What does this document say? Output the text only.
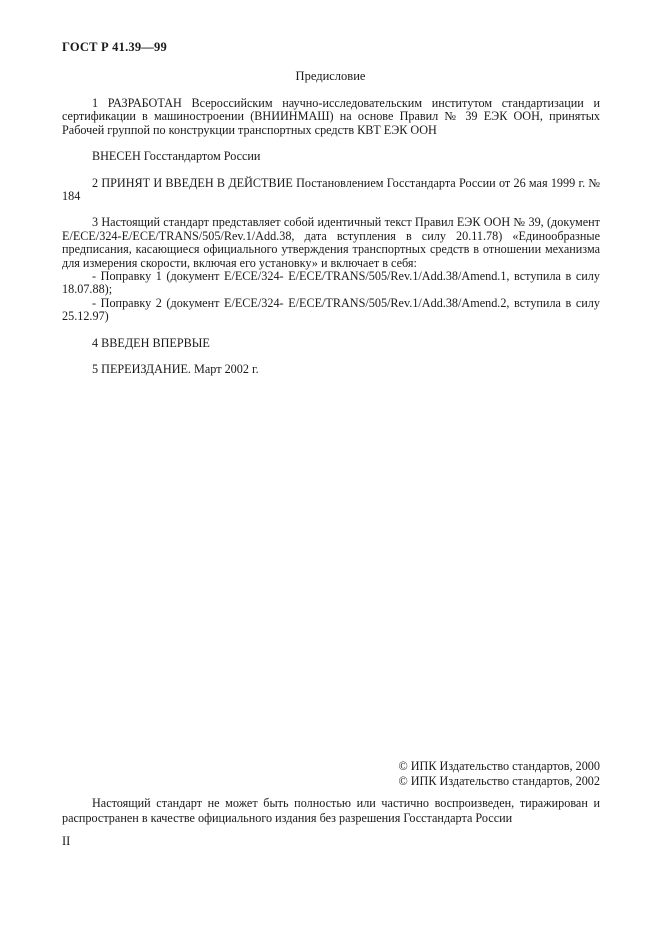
ГОСТ Р 41.39—99
Предисловие

1 РАЗРАБОТАН Всероссийским научно-исследовательским институтом стандартизации и сертификации в машиностроении (ВНИИНМАШ) на основе Правил № 39 ЕЭК ООН, принятых Рабочей группой по конструкции транспортных средств КВТ ЕЭК ООН

ВНЕСЕН Госстандартом России

2 ПРИНЯТ И ВВЕДЕН В ДЕЙСТВИЕ Постановлением Госстандарта России от 26 мая 1999 г. № 184

3 Настоящий стандарт представляет собой идентичный текст Правил ЕЭК ООН № 39, (документ E/ECE/324-E/ECE/TRANS/505/Rev.1/Add.38, дата вступления в силу 20.11.78) «Единообразные предписания, касающиеся официального утверждения транспортных средств в отношении механизма для измерения скорости, включая его установку» и включает в себя:

- Поправку 1 (документ E/ECE/324- E/ECE/TRANS/505/Rev.1/Add.38/Amend.1, вступила в силу 18.07.88);

- Поправку 2 (документ E/ECE/324- E/ECE/TRANS/505/Rev.1/Add.38/Amend.2, вступила в силу 25.12.97)

4 ВВЕДЕН ВПЕРВЫЕ

5 ПЕРЕИЗДАНИЕ. Март 2002 г.

© ИПК Издательство стандартов, 2000
© ИПК Издательство стандартов, 2002

Настоящий стандарт не может быть полностью или частично воспроизведен, тиражирован и распространен в качестве официального издания без разрешения Госстандарта России

II
